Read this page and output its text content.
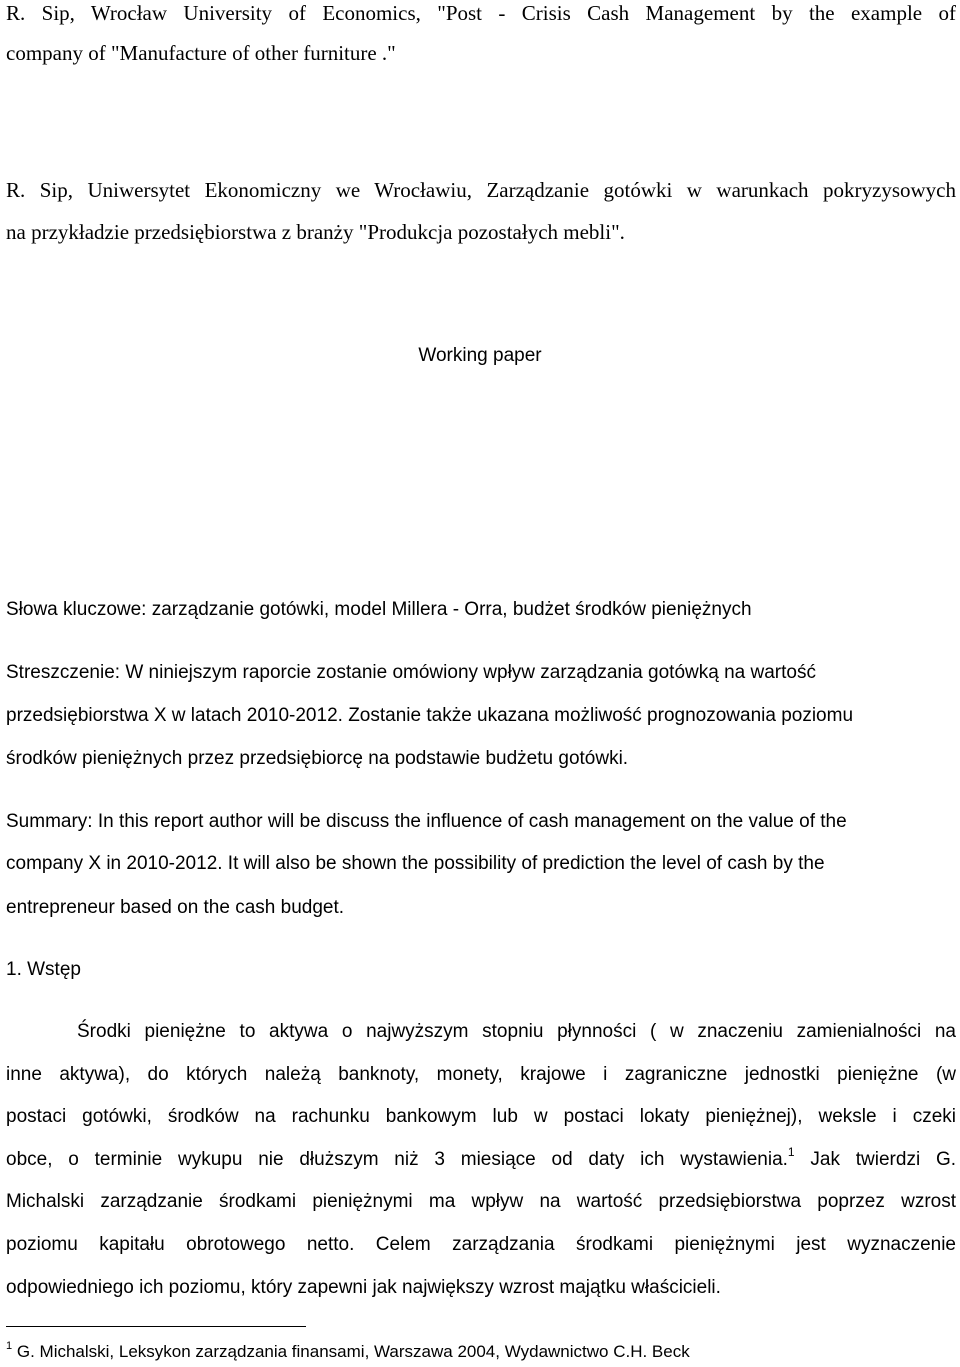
R. Sip, Wrocław University of Economics, "Post - Crisis Cash Management by the example of
company of "Manufacture of other furniture ."
R. Sip, Uniwersytet Ekonomiczny we Wrocławiu, Zarządzanie gotówki w warunkach pokryzysowych
na przykładzie przedsiębiorstwa z branży "Produkcja pozostałych mebli".
Working paper
Słowa kluczowe: zarządzanie gotówki, model Millera - Orra, budżet środków pieniężnych
Streszczenie: W niniejszym raporcie zostanie omówiony wpływ zarządzania gotówką na wartość
przedsiębiorstwa X w latach 2010-2012. Zostanie także ukazana możliwość prognozowania poziomu
środków pieniężnych przez przedsiębiorcę na podstawie budżetu gotówki.
Summary: In this report author will be discuss the influence of cash management on the value of the
company X in 2010-2012. It will also be shown the possibility of prediction the level of cash by the
entrepreneur based on the cash budget.
1. Wstęp
Środki pieniężne to aktywa o najwyższym stopniu płynności ( w znaczeniu zamienialności na
inne aktywa), do których należą banknoty, monety, krajowe i zagraniczne jednostki pieniężne (w
postaci gotówki, środków na rachunku bankowym lub w postaci lokaty pieniężnej), weksle i czeki
obce, o terminie wykupu nie dłuższym niż 3 miesiące od daty ich wystawienia.$^1$ Jak twierdzi G.
Michalski zarządzanie środkami pieniężnymi ma wpływ na wartość przedsiębiorstwa poprzez wzrost
poziomu kapitału obrotowego netto. Celem zarządzania środkami pieniężnymi jest wyznaczenie
odpowiedniego ich poziomu, który zapewni jak największy wzrost majątku właścicieli.
$^1$ G. Michalski, Leksykon zarządzania finansami, Warszawa 2004, Wydawnictwo C.H. Beck
